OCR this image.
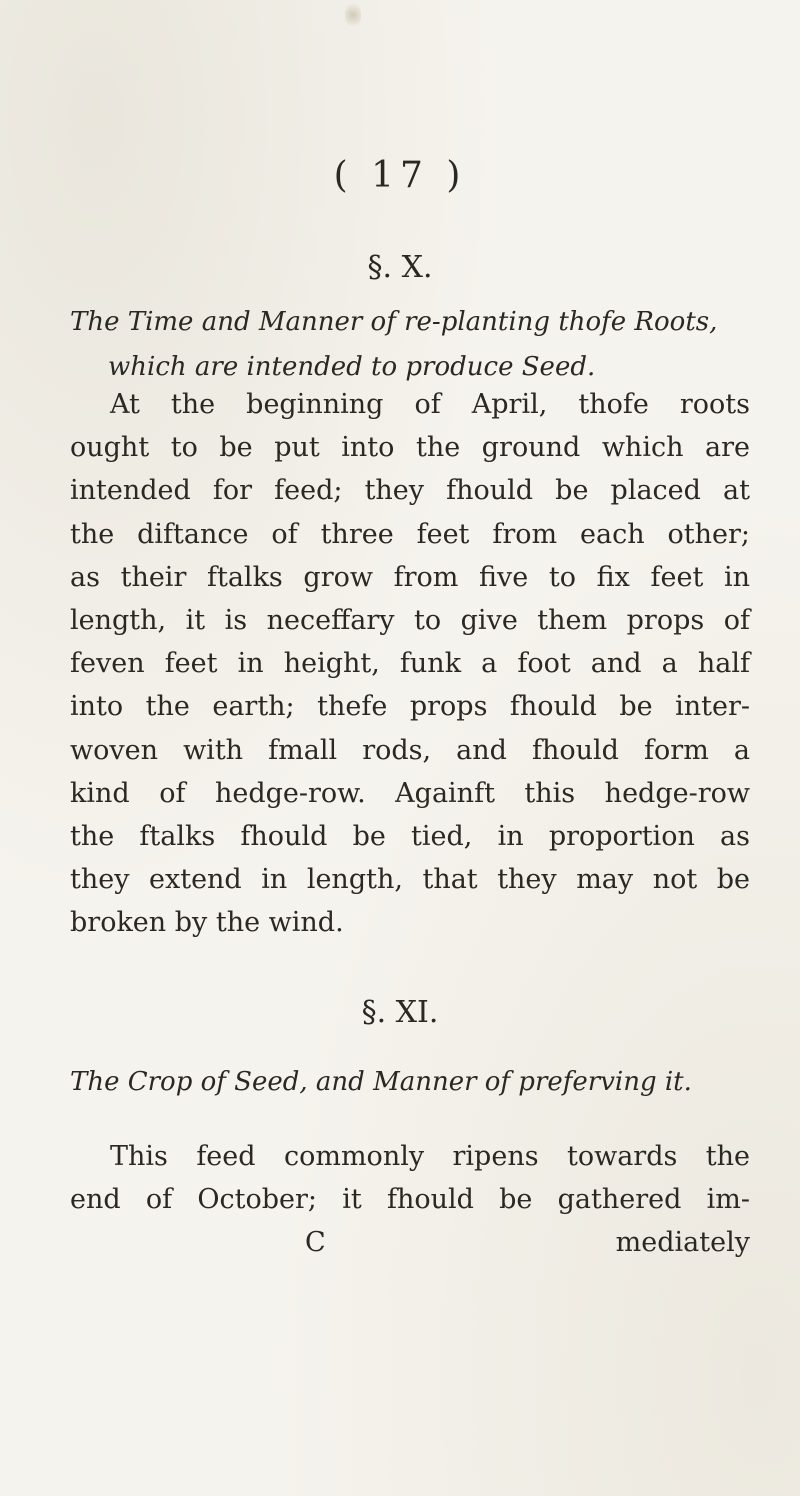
( 17 )
§. X.
The Time and Manner of re-planting thofe Roots,
which are intended to produce Seed.
At the beginning of April, thofe roots
ought to be put into the ground which are
intended for feed; they fhould be placed at
the diftance of three feet from each other;
as their ftalks grow from five to fix feet in
length, it is neceffary to give them props of
feven feet in height, funk a foot and a half
into the earth; thefe props fhould be inter-
woven with fmall rods, and fhould form a
kind of hedge-row. Againft this hedge-row
the ftalks fhould be tied, in proportion as
they extend in length, that they may not be
broken by the wind.
§. XI.
The Crop of Seed, and Manner of preferving it.
This feed commonly ripens towards the
end of October; it fhould be gathered im-
C	mediately
